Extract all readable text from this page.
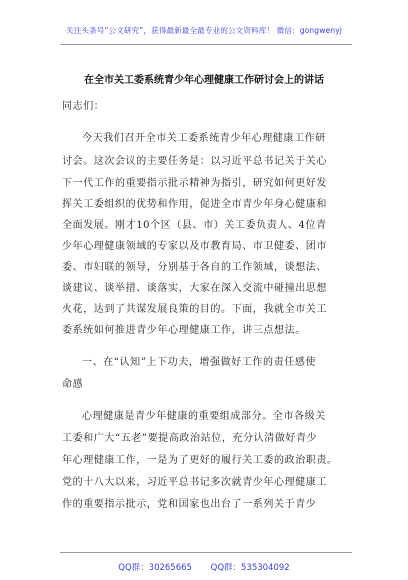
关注头条号“公文研究”，获得最新最全最专业的公文资料库！ 微信：gongwenyj
在全市关工委系统青少年心理健康工作研讨会上的讲话
同志们：
今天我们召开全市关工委系统青少年心理健康工作研
讨会。这次会议的主要任务是：以习近平总书记关于关心
下一代工作的重要指示批示精神为指引，研究如何更好发
挥关工委组织的优势和作用，促进全市青少年身心健康和
全面发展。刚才10个区（县、市）关工委负责人、4位青
少年心理健康领域的专家以及市教育局、市卫健委、团市
委、市妇联的领导，分别基于各自的工作领域，谈想法、
谈建议、谈举措、谈落实，大家在深入交流中碰撞出思想
火花，达到了共谋发展良策的目的。下面，我就全市关工
委系统如何推进青少年心理健康工作，讲三点想法。
一、在“认知”上下功夫，增强做好工作的责任感使
命感
心理健康是青少年健康的重要组成部分。全市各级关
工委和广大“五老”要提高政治站位，充分认清做好青少
年心理健康工作，一是为了更好的履行关工委的政治职责。
党的十八大以来，习近平总书记多次就青少年心理健康工
作的重要指示批示，党和国家也出台了一系列关于青少
QQ群：30265665 QQ群：535304092
